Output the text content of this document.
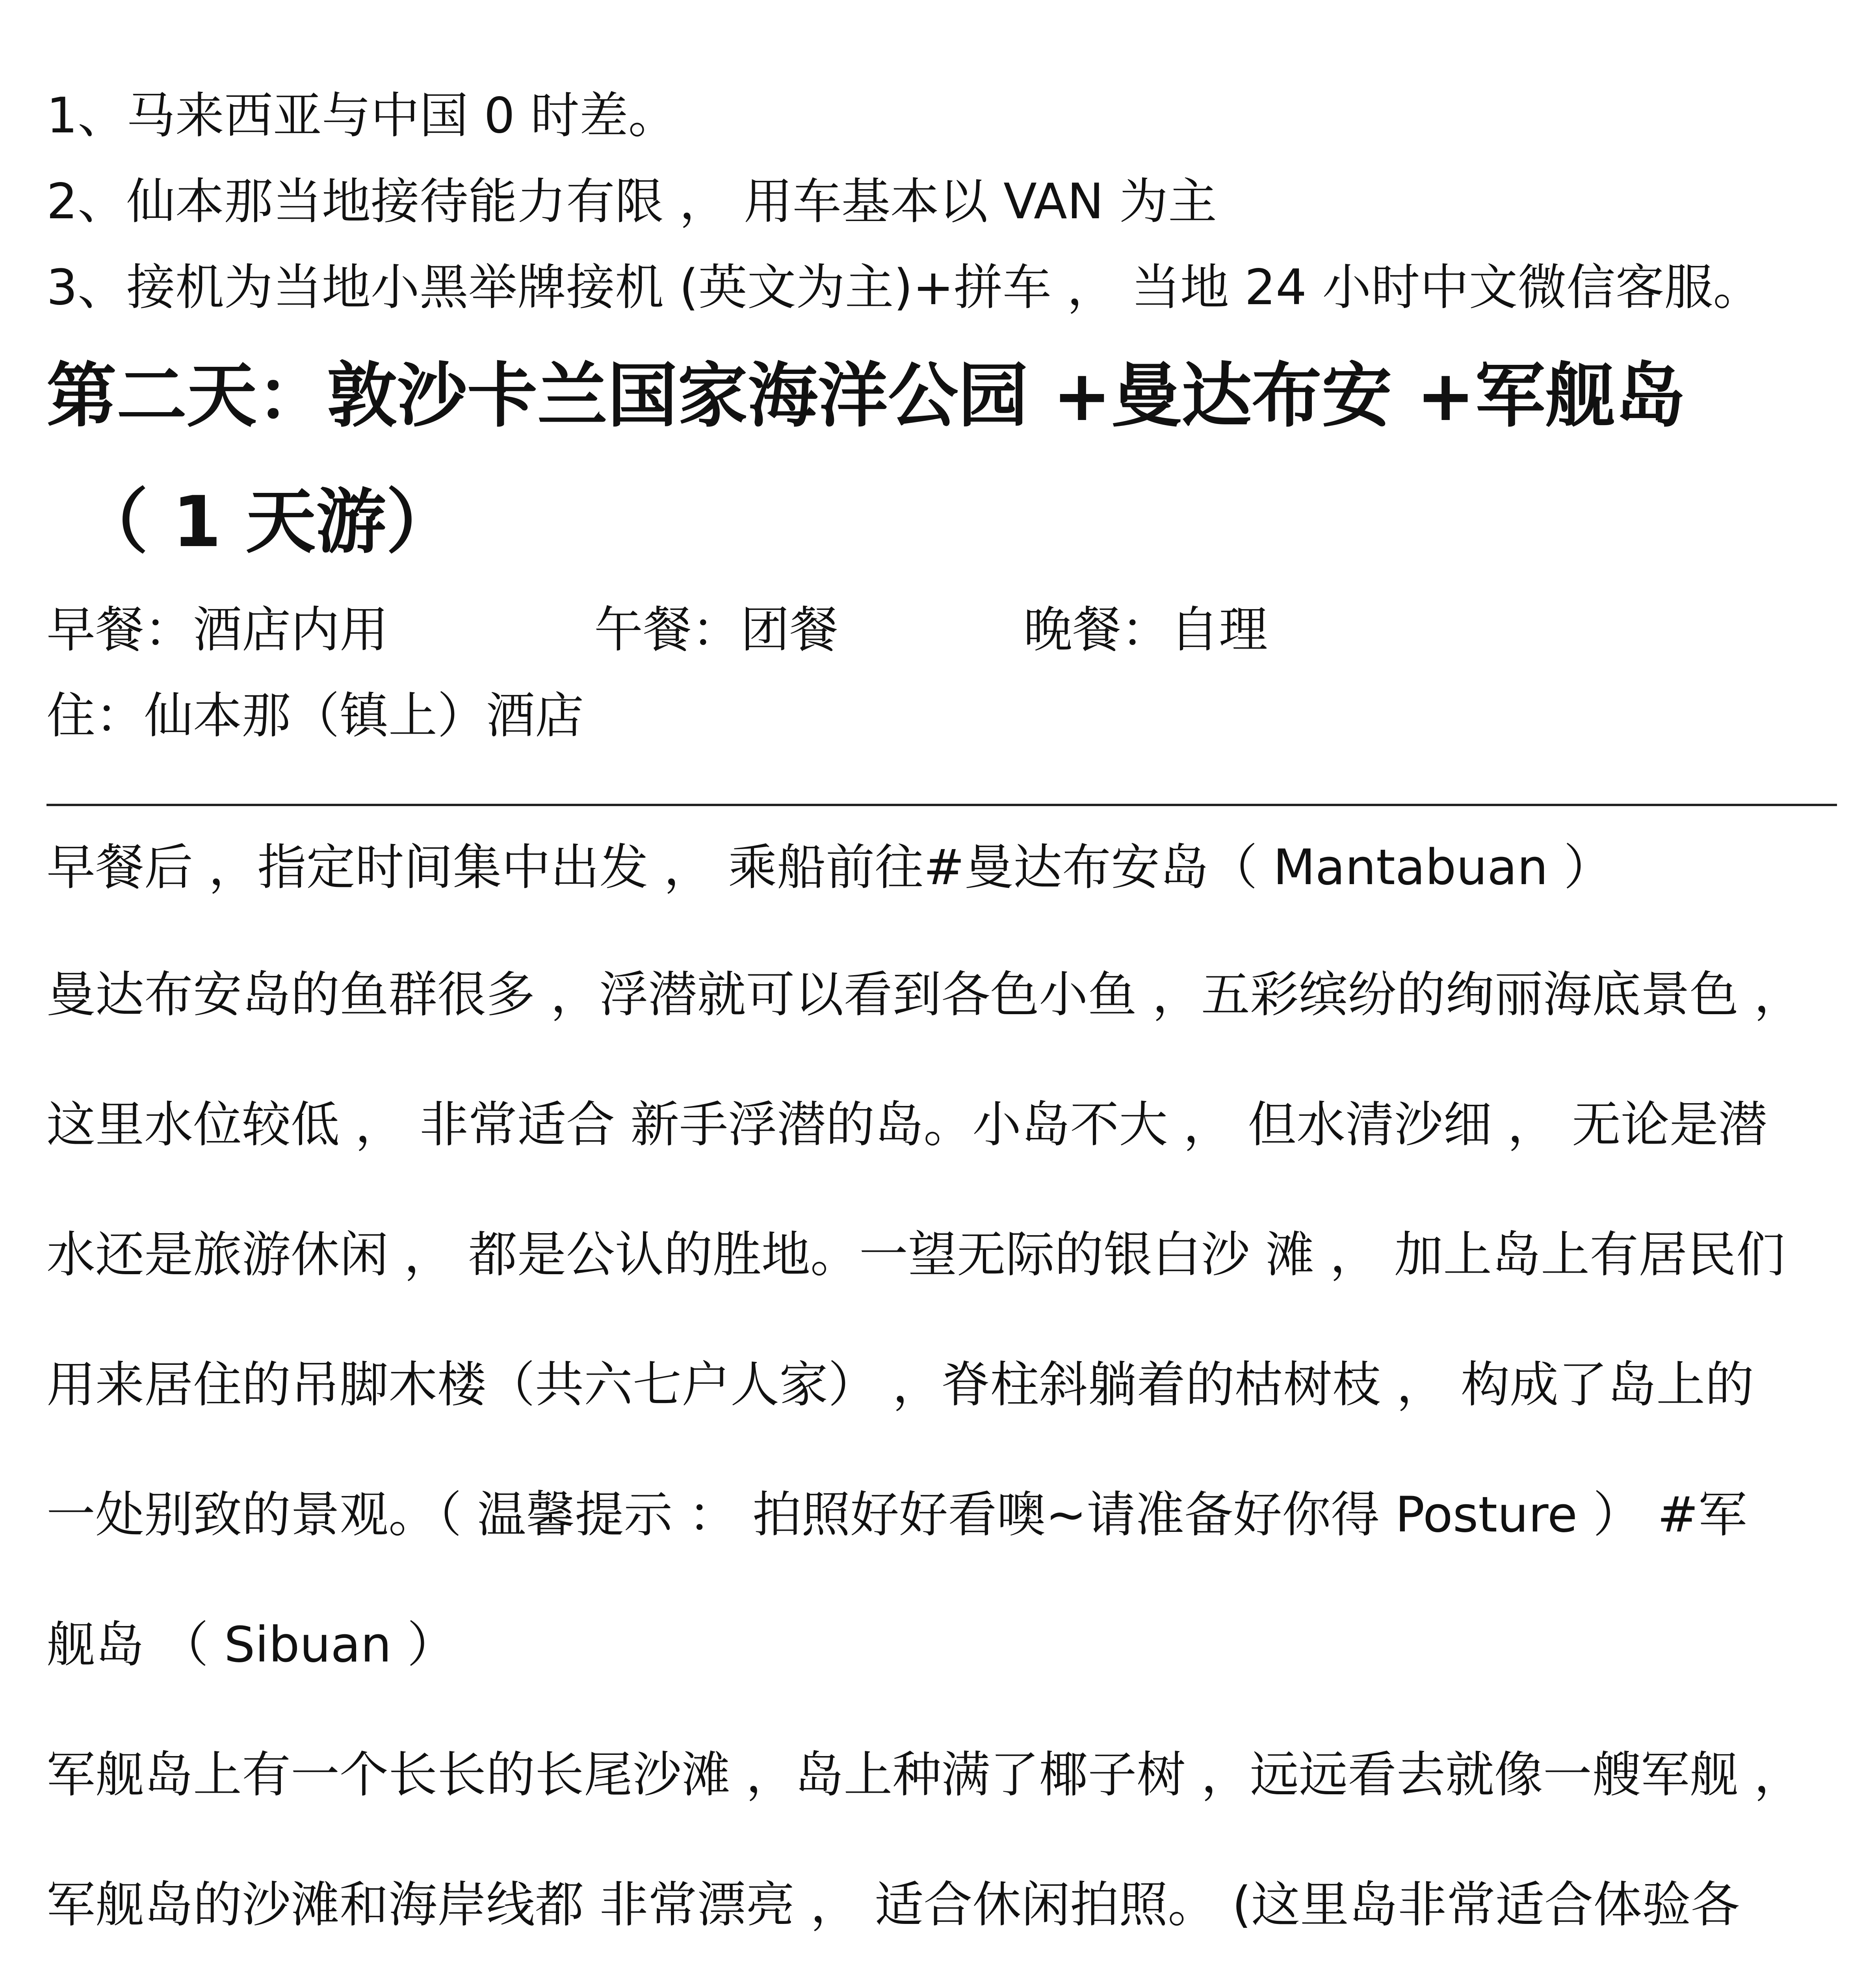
1、马来西亚与中国 0 时差。

2、仙本那当地接待能力有限 ， 用车基本以 VAN 为主

3、接机为当地小黑举牌接机 (英文为主)+拼车 ， 当地 24 小时中文微信客服。

第二天：敦沙卡兰国家海洋公园 +曼达布安 +军舰岛
（ 1 天游）
早餐：酒店内用	午餐：团餐	晚餐：自理
住：仙本那（镇上）酒店

早餐后 ，指定时间集中出发 ， 乘船前往#曼达布安岛（ Mantabuan ）

曼达布安岛的鱼群很多 ，浮潜就可以看到各色小鱼 ，五彩缤纷的绚丽海底景色 ，

这里水位较低 ， 非常适合 新手浮潜的岛。小岛不大 ， 但水清沙细 ， 无论是潜

水还是旅游休闲 ， 都是公认的胜地。一望无际的银白沙 滩 ， 加上岛上有居民们

用来居住的吊脚木楼（共六七户人家） ，脊柱斜躺着的枯树枝 ， 构成了岛上的

一处别致的景观。（ 温馨提示 ： 拍照好好看噢~请准备好你得 Posture ） #军

舰岛 （ Sibuan ）

军舰岛上有一个长长的长尾沙滩 ，岛上种满了椰子树 ，远远看去就像一艘军舰 ，

军舰岛的沙滩和海岸线都 非常漂亮 ， 适合休闲拍照。 (这里岛非常适合体验各
